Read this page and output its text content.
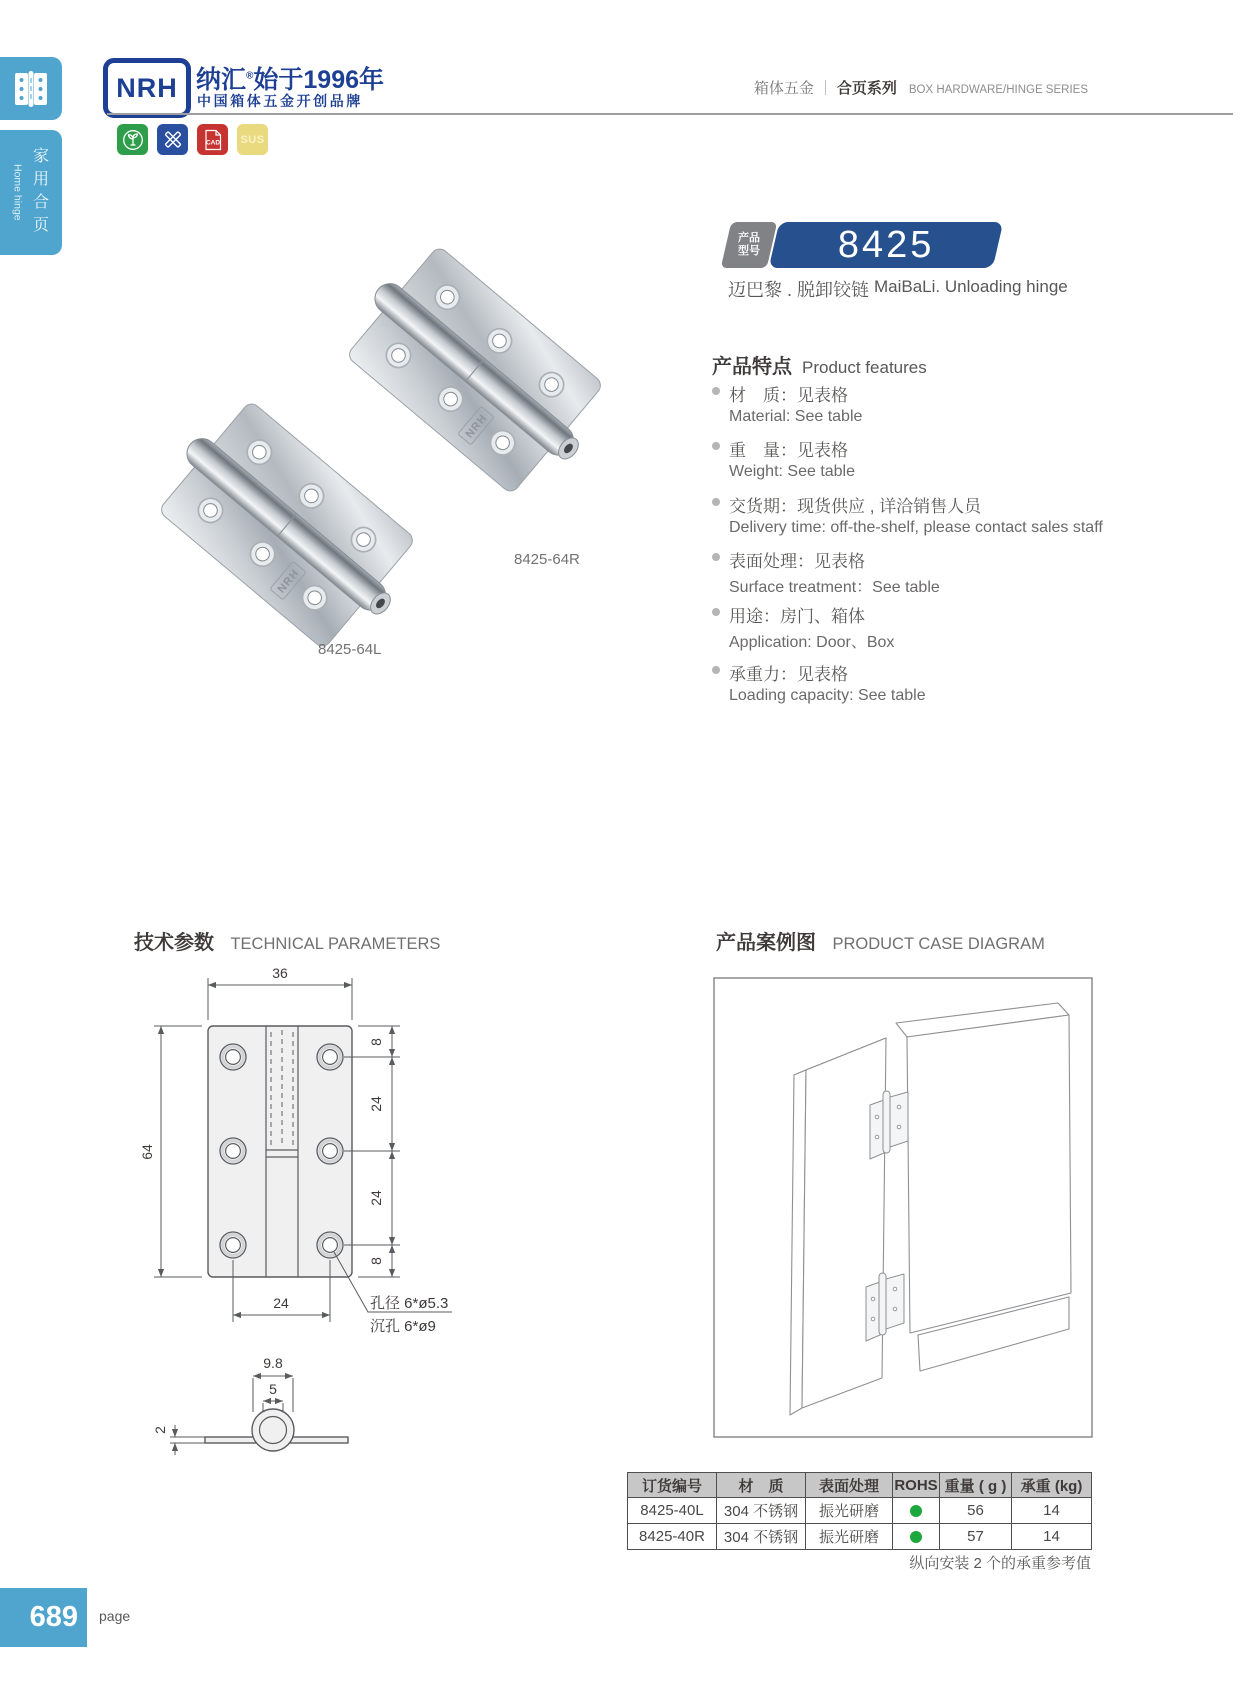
Home hinge 家用合页
NRH 纳汇®始于1996年
中国箱体五金开创品牌
箱体五金 ｜ 合页系列 BOX HARDWARE/HINGE SERIES
CAD SUS
NRH
8425-64R
8425-64L
产品
型号 8425
迈巴黎 . 脱卸铰链 MaiBaLi. Unloading hinge
产品特点 Product features
材　质：见表格
Material: See table
重　量：见表格
Weight: See table
交货期：现货供应 , 详洽销售人员
Delivery time: off-the-shelf, please contact sales staff
表面处理：见表格
Surface treatment：See table
用途：房门、箱体
Application: Door、Box
承重力：见表格
Loading capacity: See table
技术参数 TECHNICAL PARAMETERS
36
64
8
24
24
8
24	孔径 6*ø5.3
沉孔 6*ø9
9.8
5
2
产品案例图 PRODUCT CASE DIAGRAM
订货编号	材　质	表面处理	ROHS	重量 ( g )	承重 (kg)
8425-40L	304 不锈钢	振光研磨		56	14
8425-40R	304 不锈钢	振光研磨		57	14
纵向安装 2 个的承重参考值
689 page
